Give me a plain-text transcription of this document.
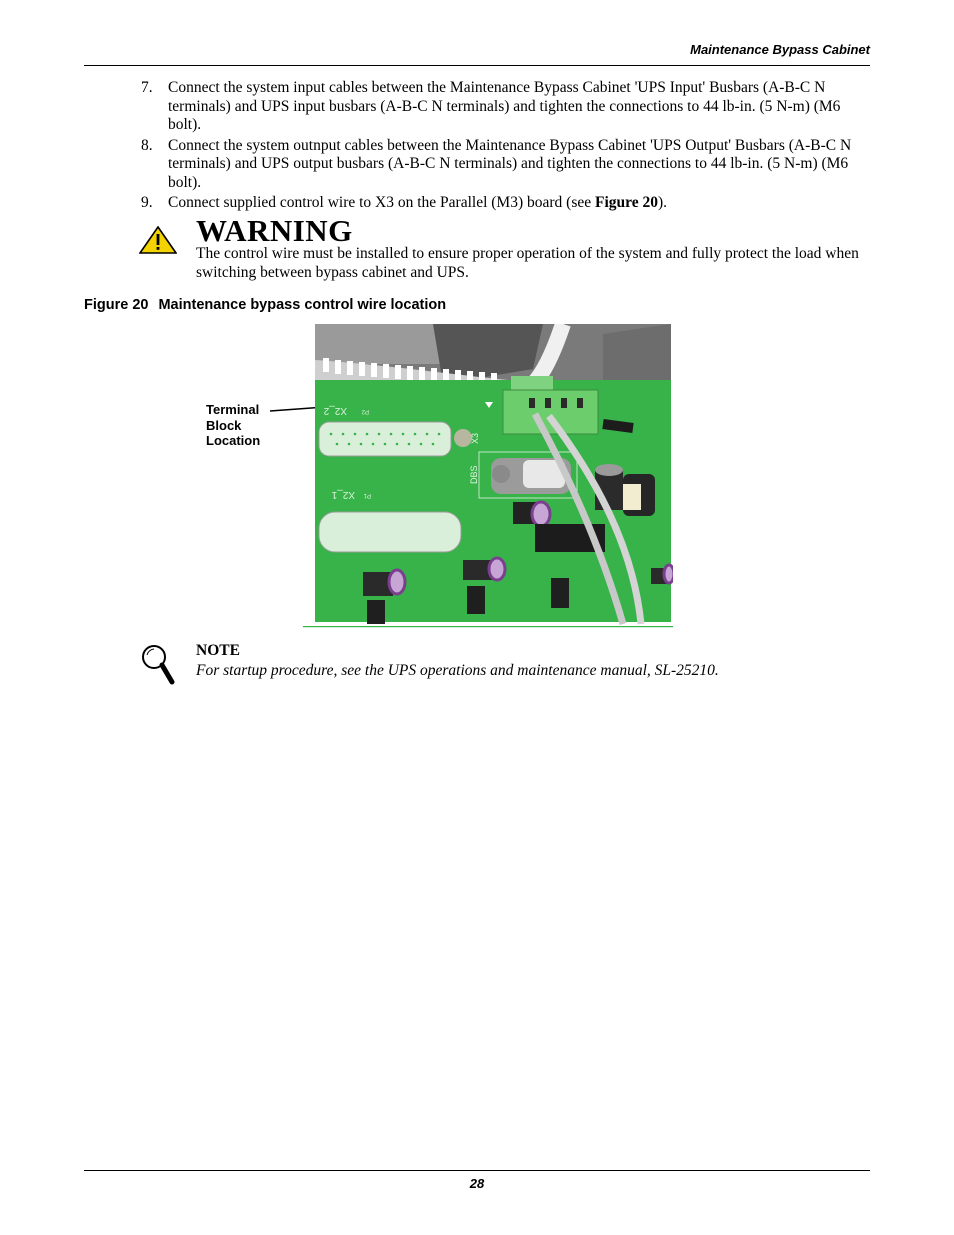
Maintenance Bypass Cabinet
7. Connect the system input cables between the Maintenance Bypass Cabinet 'UPS Input' Busbars (A-B-C N terminals) and UPS input busbars (A-B-C N terminals) and tighten the connections to 44 lb-in. (5 N-m) (M6 bolt).
8. Connect the system outnput cables between the Maintenance Bypass Cabinet 'UPS Output' Busbars (A-B-C N terminals) and UPS output busbars (A-B-C N terminals) and tighten the connections to 44 lb-in. (5 N-m) (M6 bolt).
9. Connect supplied control wire to X3 on the Parallel (M3) board (see Figure 20).
WARNING
The control wire must be installed to ensure proper operation of the system and fully protect the load when switching between bypass cabinet and UPS.
Figure 20 Maintenance bypass control wire location
Terminal
Block
Location
X2_2 P2
X2_1 P1
X3
DBS
NOTE
For startup procedure, see the UPS operations and maintenance manual, SL-25210.
28
